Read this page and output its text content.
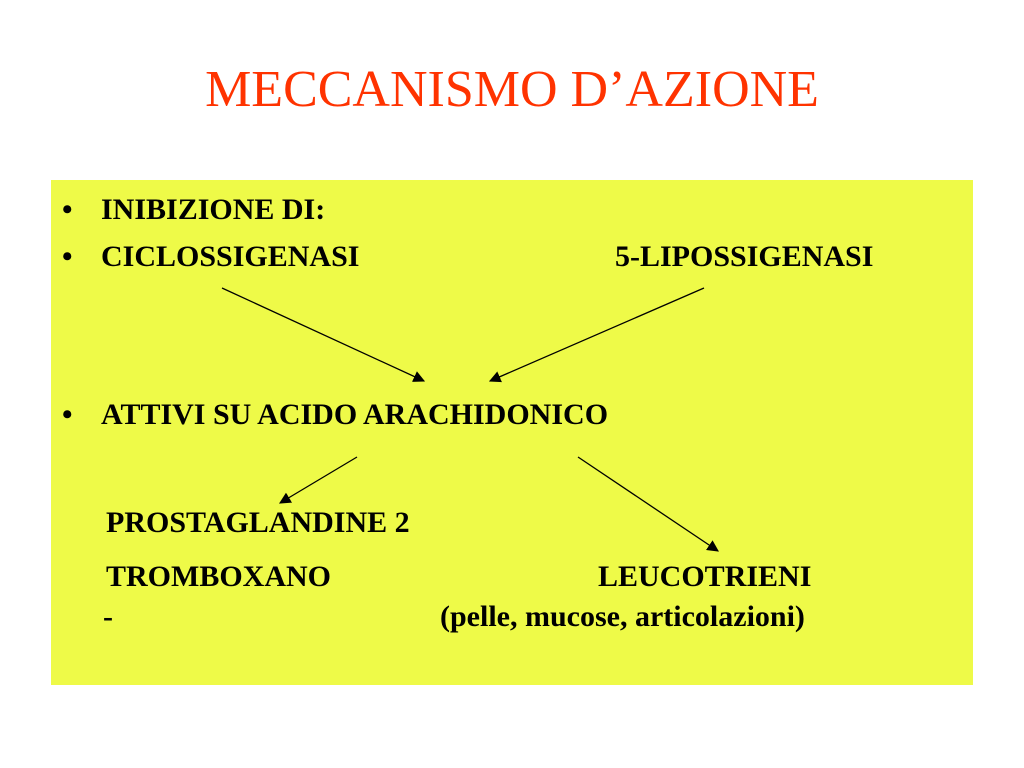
MECCANISMO D’AZIONE
• INIBIZIONE DI:
• CICLOSSIGENASI	5-LIPOSSIGENASI
• ATTIVI SU ACIDO ARACHIDONICO
PROSTAGLANDINE 2
TROMBOXANO	LEUCOTRIENI
-	(pelle, mucose, articolazioni)
